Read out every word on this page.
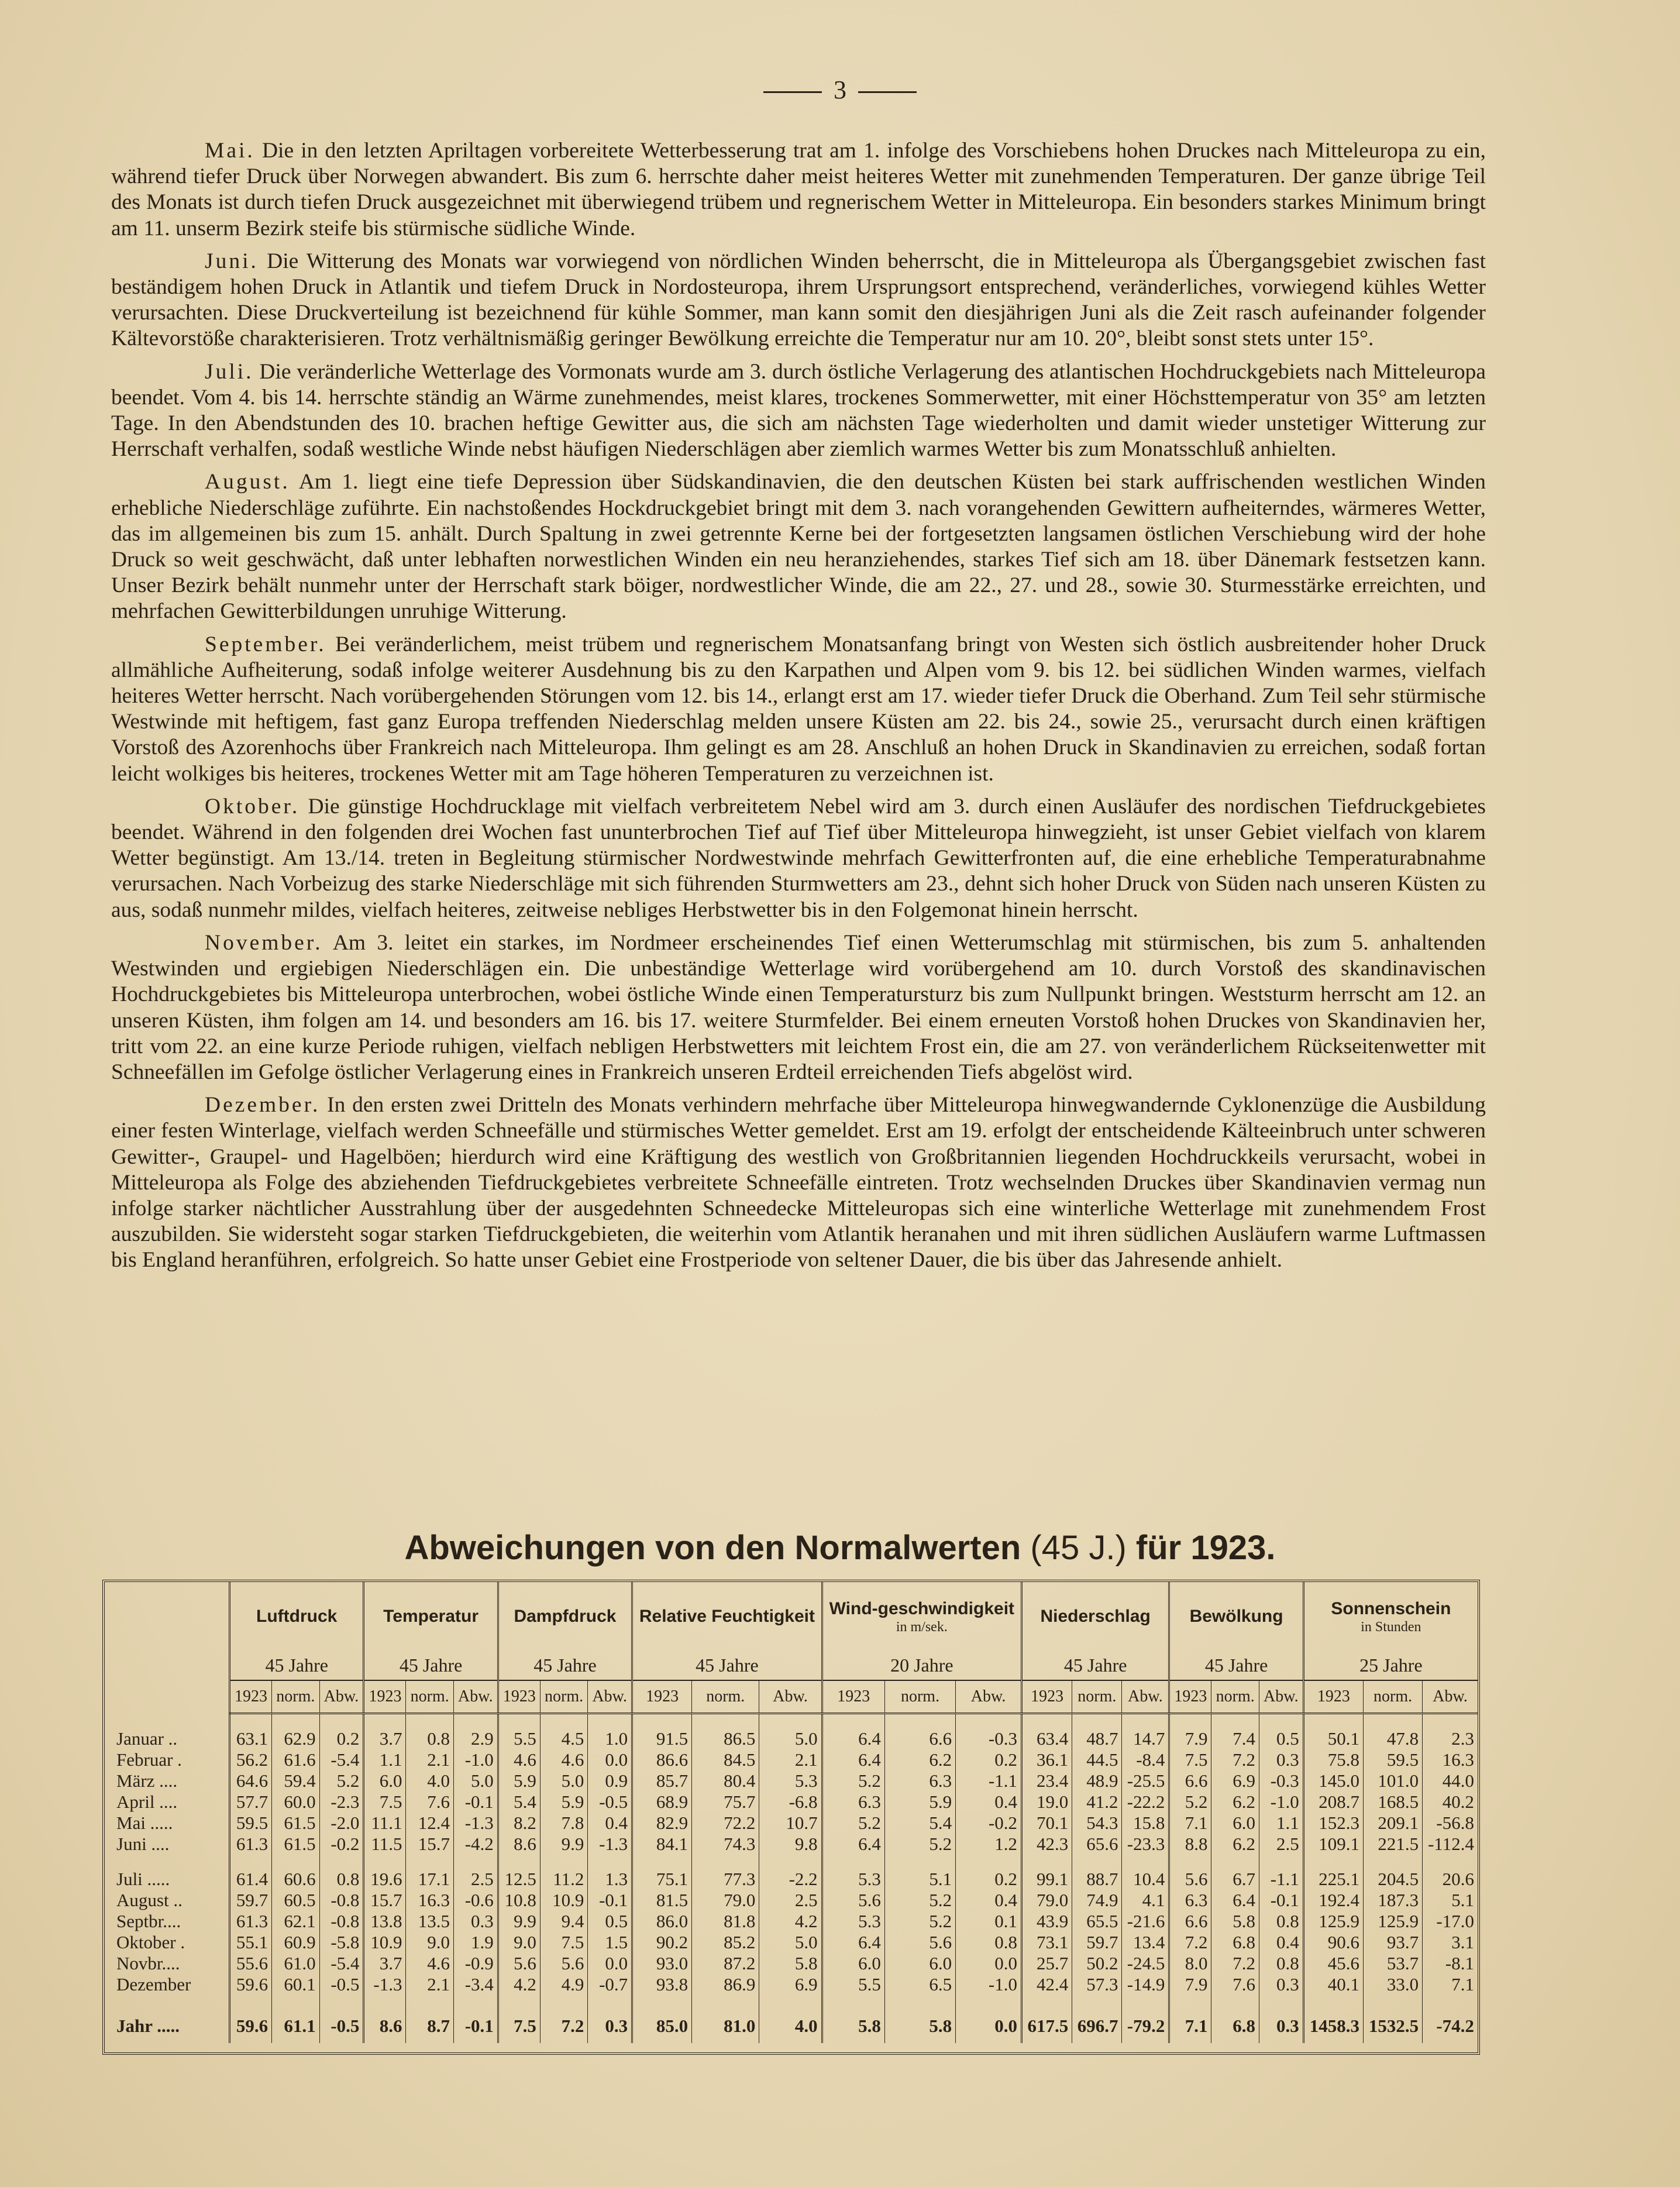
3

Mai. Die in den letzten Apriltagen vorbereitete Wetterbesserung trat am 1. infolge des Vorschiebens hohen Druckes nach Mitteleuropa zu ein, während tiefer Druck über Norwegen abwandert. Bis zum 6. herrschte daher meist heiteres Wetter mit zunehmenden Temperaturen. Der ganze übrige Teil des Monats ist durch tiefen Druck ausgezeichnet mit überwiegend trübem und regnerischem Wetter in Mitteleuropa. Ein besonders starkes Minimum bringt am 11. unserm Bezirk steife bis stürmische südliche Winde.

Juni. Die Witterung des Monats war vorwiegend von nördlichen Winden beherrscht, die in Mitteleuropa als Übergangsgebiet zwischen fast beständigem hohen Druck in Atlantik und tiefem Druck in Nordosteuropa, ihrem Ursprungsort entsprechend, veränderliches, vorwiegend kühles Wetter verursachten. Diese Druckverteilung ist bezeichnend für kühle Sommer, man kann somit den diesjährigen Juni als die Zeit rasch aufeinander folgender Kältevorstöße charakterisieren. Trotz verhältnismäßig geringer Bewölkung erreichte die Temperatur nur am 10. 20°, bleibt sonst stets unter 15°.

Juli. Die veränderliche Wetterlage des Vormonats wurde am 3. durch östliche Verlagerung des atlantischen Hochdruckgebiets nach Mitteleuropa beendet. Vom 4. bis 14. herrschte ständig an Wärme zunehmendes, meist klares, trockenes Sommerwetter, mit einer Höchsttemperatur von 35° am letzten Tage. In den Abendstunden des 10. brachen heftige Gewitter aus, die sich am nächsten Tage wiederholten und damit wieder unstetiger Witterung zur Herrschaft verhalfen, sodaß westliche Winde nebst häufigen Niederschlägen aber ziemlich warmes Wetter bis zum Monatsschluß anhielten.

August. Am 1. liegt eine tiefe Depression über Südskandinavien, die den deutschen Küsten bei stark auffrischenden westlichen Winden erhebliche Niederschläge zuführte. Ein nachstoßendes Hockdruckgebiet bringt mit dem 3. nach vorangehenden Gewittern aufheiterndes, wärmeres Wetter, das im allgemeinen bis zum 15. anhält. Durch Spaltung in zwei getrennte Kerne bei der fortgesetzten langsamen östlichen Verschiebung wird der hohe Druck so weit geschwächt, daß unter lebhaften norwestlichen Winden ein neu heranziehendes, starkes Tief sich am 18. über Dänemark festsetzen kann. Unser Bezirk behält nunmehr unter der Herrschaft stark böiger, nordwestlicher Winde, die am 22., 27. und 28., sowie 30. Sturmesstärke erreichten, und mehrfachen Gewitterbildungen unruhige Witterung.

September. Bei veränderlichem, meist trübem und regnerischem Monatsanfang bringt von Westen sich östlich ausbreitender hoher Druck allmähliche Aufheiterung, sodaß infolge weiterer Ausdehnung bis zu den Karpathen und Alpen vom 9. bis 12. bei südlichen Winden warmes, vielfach heiteres Wetter herrscht. Nach vorübergehenden Störungen vom 12. bis 14., erlangt erst am 17. wieder tiefer Druck die Oberhand. Zum Teil sehr stürmische Westwinde mit heftigem, fast ganz Europa treffenden Niederschlag melden unsere Küsten am 22. bis 24., sowie 25., verursacht durch einen kräftigen Vorstoß des Azorenhochs über Frankreich nach Mitteleuropa. Ihm gelingt es am 28. Anschluß an hohen Druck in Skandinavien zu erreichen, sodaß fortan leicht wolkiges bis heiteres, trockenes Wetter mit am Tage höheren Temperaturen zu verzeichnen ist.

Oktober. Die günstige Hochdrucklage mit vielfach verbreitetem Nebel wird am 3. durch einen Ausläufer des nordischen Tiefdruckgebietes beendet. Während in den folgenden drei Wochen fast ununterbrochen Tief auf Tief über Mitteleuropa hinwegzieht, ist unser Gebiet vielfach von klarem Wetter begünstigt. Am 13./14. treten in Begleitung stürmischer Nordwestwinde mehrfach Gewitterfronten auf, die eine erhebliche Temperaturabnahme verursachen. Nach Vorbeizug des starke Niederschläge mit sich führenden Sturmwetters am 23., dehnt sich hoher Druck von Süden nach unseren Küsten zu aus, sodaß nunmehr mildes, vielfach heiteres, zeitweise nebliges Herbstwetter bis in den Folgemonat hinein herrscht.

November. Am 3. leitet ein starkes, im Nordmeer erscheinendes Tief einen Wetterumschlag mit stürmischen, bis zum 5. anhaltenden Westwinden und ergiebigen Niederschlägen ein. Die unbeständige Wetterlage wird vorübergehend am 10. durch Vorstoß des skandinavischen Hochdruckgebietes bis Mitteleuropa unterbrochen, wobei östliche Winde einen Temperatursturz bis zum Nullpunkt bringen. Weststurm herrscht am 12. an unseren Küsten, ihm folgen am 14. und besonders am 16. bis 17. weitere Sturmfelder. Bei einem erneuten Vorstoß hohen Druckes von Skandinavien her, tritt vom 22. an eine kurze Periode ruhigen, vielfach nebligen Herbstwetters mit leichtem Frost ein, die am 27. von veränderlichem Rückseitenwetter mit Schneefällen im Gefolge östlicher Verlagerung eines in Frankreich unseren Erdteil erreichenden Tiefs abgelöst wird.

Dezember. In den ersten zwei Dritteln des Monats verhindern mehrfache über Mitteleuropa hinwegwandernde Cyklonenzüge die Ausbildung einer festen Winterlage, vielfach werden Schneefälle und stürmisches Wetter gemeldet. Erst am 19. erfolgt der entscheidende Kälteeinbruch unter schweren Gewitter-, Graupel- und Hagelböen; hierdurch wird eine Kräftigung des westlich von Großbritannien liegenden Hochdruckkeils verursacht, wobei in Mitteleuropa als Folge des abziehenden Tiefdruckgebietes verbreitete Schneefälle eintreten. Trotz wechselnden Druckes über Skandinavien vermag nun infolge starker nächtlicher Ausstrahlung über der ausgedehnten Schneedecke Mitteleuropas sich eine winterliche Wetterlage mit zunehmendem Frost auszubilden. Sie widersteht sogar starken Tiefdruckgebieten, die weiterhin vom Atlantik heranahen und mit ihren südlichen Ausläufern warme Luftmassen bis England heranführen, erfolgreich. So hatte unser Gebiet eine Frostperiode von seltener Dauer, die bis über das Jahresende anhielt.

Abweichungen von den Normalwerten (45 J.) für 1923.
	Luftdruck			Temperatur			Dampfdruck			Relative Feuchtigkeit			Wind-geschwindigkeit
in m/sek.			Niederschlag			Bewölkung			Sonnenschein
in Stunden		

	45 Jahre			45 Jahre			45 Jahre			45 Jahre			20 Jahre			45 Jahre			45 Jahre			25 Jahre		
	1923	norm.	Abw.	1923	norm.	Abw.	1923	norm.	Abw.	1923	norm.	Abw.	1923	norm.	Abw.	1923	norm.	Abw.	1923	norm.	Abw.	1923	norm.	Abw.

Januar ..	63.1	62.9	0.2	3.7	0.8	2.9	5.5	4.5	1.0	91.5	86.5	5.0	6.4	6.6	-0.3	63.4	48.7	14.7	7.9	7.4	0.5	50.1	47.8	2.3
Februar .	56.2	61.6	-5.4	1.1	2.1	-1.0	4.6	4.6	0.0	86.6	84.5	2.1	6.4	6.2	0.2	36.1	44.5	-8.4	7.5	7.2	0.3	75.8	59.5	16.3
März ....	64.6	59.4	5.2	6.0	4.0	5.0	5.9	5.0	0.9	85.7	80.4	5.3	5.2	6.3	-1.1	23.4	48.9	-25.5	6.6	6.9	-0.3	145.0	101.0	44.0
April ....	57.7	60.0	-2.3	7.5	7.6	-0.1	5.4	5.9	-0.5	68.9	75.7	-6.8	6.3	5.9	0.4	19.0	41.2	-22.2	5.2	6.2	-1.0	208.7	168.5	40.2
Mai .....	59.5	61.5	-2.0	11.1	12.4	-1.3	8.2	7.8	0.4	82.9	72.2	10.7	5.2	5.4	-0.2	70.1	54.3	15.8	7.1	6.0	1.1	152.3	209.1	-56.8
Juni ....	61.3	61.5	-0.2	11.5	15.7	-4.2	8.6	9.9	-1.3	84.1	74.3	9.8	6.4	5.2	1.2	42.3	65.6	-23.3	8.8	6.2	2.5	109.1	221.5	-112.4

Juli .....	61.4	60.6	0.8	19.6	17.1	2.5	12.5	11.2	1.3	75.1	77.3	-2.2	5.3	5.1	0.2	99.1	88.7	10.4	5.6	6.7	-1.1	225.1	204.5	20.6
August ..	59.7	60.5	-0.8	15.7	16.3	-0.6	10.8	10.9	-0.1	81.5	79.0	2.5	5.6	5.2	0.4	79.0	74.9	4.1	6.3	6.4	-0.1	192.4	187.3	5.1
Septbr....	61.3	62.1	-0.8	13.8	13.5	0.3	9.9	9.4	0.5	86.0	81.8	4.2	5.3	5.2	0.1	43.9	65.5	-21.6	6.6	5.8	0.8	125.9	125.9	-17.0
Oktober .	55.1	60.9	-5.8	10.9	9.0	1.9	9.0	7.5	1.5	90.2	85.2	5.0	6.4	5.6	0.8	73.1	59.7	13.4	7.2	6.8	0.4	90.6	93.7	3.1
Novbr....	55.6	61.0	-5.4	3.7	4.6	-0.9	5.6	5.6	0.0	93.0	87.2	5.8	6.0	6.0	0.0	25.7	50.2	-24.5	8.0	7.2	0.8	45.6	53.7	-8.1
Dezember	59.6	60.1	-0.5	-1.3	2.1	-3.4	4.2	4.9	-0.7	93.8	86.9	6.9	5.5	6.5	-1.0	42.4	57.3	-14.9	7.9	7.6	0.3	40.1	33.0	7.1

Jahr .....	59.6	61.1	-0.5	8.6	8.7	-0.1	7.5	7.2	0.3	85.0	81.0	4.0	5.8	5.8	0.0	617.5	696.7	-79.2	7.1	6.8	0.3	1458.3	1532.5	-74.2
